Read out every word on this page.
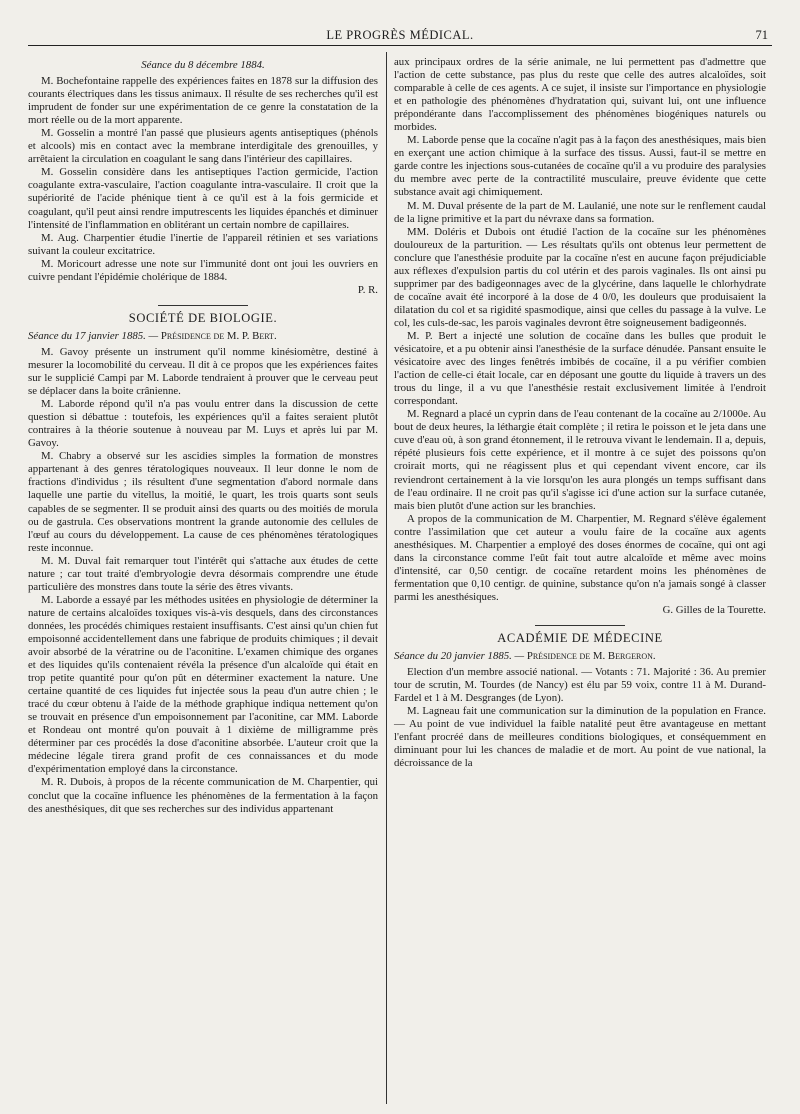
LE PROGRÈS MÉDICAL.	71

Séance du 8 décembre 1884.

M. Bochefontaine rappelle des expériences faites en 1878 sur la diffusion des courants électriques dans les tissus animaux. Il résulte de ses recherches qu'il est imprudent de fonder sur une expérimentation de ce genre la constatation de la mort réelle ou de la mort apparente.

M. Gosselin a montré l'an passé que plusieurs agents antiseptiques (phénols et alcools) mis en contact avec la membrane interdigitale des grenouilles, y arrêtaient la circulation en coagulant le sang dans l'intérieur des capillaires.

M. Gosselin considère dans les antiseptiques l'action germicide, l'action coagulante extra-vasculaire, l'action coagulante intra-vasculaire. Il croit que la supériorité de l'acide phénique tient à ce qu'il est à la fois germicide et coagulant, qu'il peut ainsi rendre imputrescents les liquides épanchés et diminuer l'intensité de l'inflammation en oblitérant un certain nombre de capillaires.

M. Aug. Charpentier étudie l'inertie de l'appareil rétinien et ses variations suivant la couleur excitatrice.

M. Moricourt adresse une note sur l'immunité dont ont joui les ouvriers en cuivre pendant l'épidémie cholérique de 1884.

P. R.

SOCIÉTÉ DE BIOLOGIE.

Séance du 17 janvier 1885. — Présidence de M. P. Bert.

M. Gavoy présente un instrument qu'il nomme kinésiomètre, destiné à mesurer la locomobilité du cerveau. Il dit à ce propos que les expériences faites sur le supplicié Campi par M. Laborde tendraient à prouver que le cerveau peut se déplacer dans la boite crânienne.

M. Laborde répond qu'il n'a pas voulu entrer dans la discussion de cette question si débattue : toutefois, les expériences qu'il a faites seraient plutôt contraires à la théorie soutenue à nouveau par M. Luys et après lui par M. Gavoy.

M. Chabry a observé sur les ascidies simples la formation de monstres appartenant à des genres tératologiques nouveaux. Il leur donne le nom de fractions d'individus ; ils résultent d'une segmentation d'abord normale dans laquelle une partie du vitellus, la moitié, le quart, les trois quarts sont seuls capables de se segmenter. Il se produit ainsi des quarts ou des moitiés de morula ou de gastrula. Ces observations montrent la grande autonomie des cellules de l'œuf au cours du développement. La cause de ces phénomènes tératologiques reste inconnue.

M. M. Duval fait remarquer tout l'intérêt qui s'attache aux études de cette nature ; car tout traité d'embryologie devra désormais comprendre une étude particulière des monstres dans toute la série des êtres vivants.

M. Laborde a essayé par les méthodes usitées en physiologie de déterminer la nature de certains alcaloïdes toxiques vis-à-vis desquels, dans des circonstances données, les procédés chimiques restaient insuffisants. C'est ainsi qu'un chien fut empoisonné accidentellement dans une fabrique de produits chimiques ; il devait avoir absorbé de la vératrine ou de l'aconitine. L'examen chimique des organes et des liquides qu'ils contenaient révéla la présence d'un alcaloïde qui était en trop petite quantité pour qu'on pût en déterminer exactement la nature. Une certaine quantité de ces liquides fut injectée sous la peau d'un autre chien ; le tracé du cœur obtenu à l'aide de la méthode graphique indiqua nettement qu'on se trouvait en présence d'un empoisonnement par l'aconitine, car MM. Laborde et Rondeau ont montré qu'on pouvait à 1 dixième de milligramme près déterminer par ces procédés la dose d'aconitine absorbée. L'auteur croit que la médecine légale tirera grand profit de ces connaissances et du mode d'expérimentation employé dans la circonstance.

M. R. Dubois, à propos de la récente communication de M. Charpentier, qui conclut que la cocaïne influence les phénomènes de la fermentation à la façon des anesthésiques, dit que ses recherches sur des individus appartenant

aux principaux ordres de la série animale, ne lui permettent pas d'admettre que l'action de cette substance, pas plus du reste que celle des autres alcaloïdes, soit comparable à celle de ces agents. A ce sujet, il insiste sur l'importance en physiologie et en pathologie des phénomènes d'hydratation qui, suivant lui, ont une influence prépondérante dans l'accomplissement des phénomènes biogéniques naturels ou morbides.

M. Laborde pense que la cocaïne n'agit pas à la façon des anesthésiques, mais bien en exerçant une action chimique à la surface des tissus. Aussi, faut-il se mettre en garde contre les injections sous-cutanées de cocaïne qu'il a vu produire des paralysies du membre avec perte de la contractilité musculaire, preuve évidente que cette substance avait agi chimiquement.

M. M. Duval présente de la part de M. Laulanié, une note sur le renflement caudal de la ligne primitive et la part du névraxe dans sa formation.

MM. Doléris et Dubois ont étudié l'action de la cocaïne sur les phénomènes douloureux de la parturition. — Les résultats qu'ils ont obtenus leur permettent de conclure que l'anesthésie produite par la cocaïne n'est en aucune façon préjudiciable aux réflexes d'expulsion partis du col utérin et des parois vaginales. Ils ont ainsi pu supprimer par des badigeonnages avec de la glycérine, dans laquelle le chlorhydrate de cocaïne avait été incorporé à la dose de 4 0/0, les douleurs que produisaient la dilatation du col et sa rigidité spasmodique, ainsi que celles du passage à la vulve. Le col, les culs-de-sac, les parois vaginales devront être soigneusement badigeonnés.

M. P. Bert a injecté une solution de cocaïne dans les bulles que produit le vésicatoire, et a pu obtenir ainsi l'anesthésie de la surface dénudée. Pansant ensuite le vésicatoire avec des linges fenêtrés imbibés de cocaïne, il a pu vérifier combien l'action de celle-ci était locale, car en déposant une goutte du liquide à travers un des trous du linge, il a vu que l'anesthésie restait exclusivement limitée à l'endroit correspondant.

M. Regnard a placé un cyprin dans de l'eau contenant de la cocaïne au 2/1000e. Au bout de deux heures, la léthargie était complète ; il retira le poisson et le jeta dans une cuve d'eau où, à son grand étonnement, il le retrouva vivant le lendemain. Il a, depuis, répété plusieurs fois cette expérience, et il montre à ce sujet des poissons qu'on croirait morts, qui ne réagissent plus et qui cependant vivent encore, car ils reviendront certainement à la vie lorsqu'on les aura plongés un temps suffisant dans de l'eau ordinaire. Il ne croit pas qu'il s'agisse ici d'une action sur la surface cutanée, mais bien plutôt d'une action sur les branchies.

A propos de la communication de M. Charpentier, M. Regnard s'élève également contre l'assimilation que cet auteur a voulu faire de la cocaïne aux agents anesthésiques. M. Charpentier a employé des doses énormes de cocaïne, qui ont agi dans la circonstance comme l'eût fait tout autre alcaloïde et même avec moins d'intensité, car 0,50 centigr. de cocaïne retardent moins les phénomènes de fermentation que 0,10 centigr. de quinine, substance qu'on n'a jamais songé à classer parmi les anesthésiques.

G. Gilles de la Tourette.

ACADÉMIE DE MÉDECINE

Séance du 20 janvier 1885. — Présidence de M. Bergeron.

Election d'un membre associé national. — Votants : 71. Majorité : 36. Au premier tour de scrutin, M. Tourdes (de Nancy) est élu par 59 voix, contre 11 à M. Durand-Fardel et 1 à M. Desgranges (de Lyon).

M. Lagneau fait une communication sur la diminution de la population en France. — Au point de vue individuel la faible natalité peut être avantageuse en mettant l'enfant procréé dans de meilleures conditions biologiques, et conséquemment en diminuant pour lui les chances de maladie et de mort. Au point de vue national, la décroissance de la
